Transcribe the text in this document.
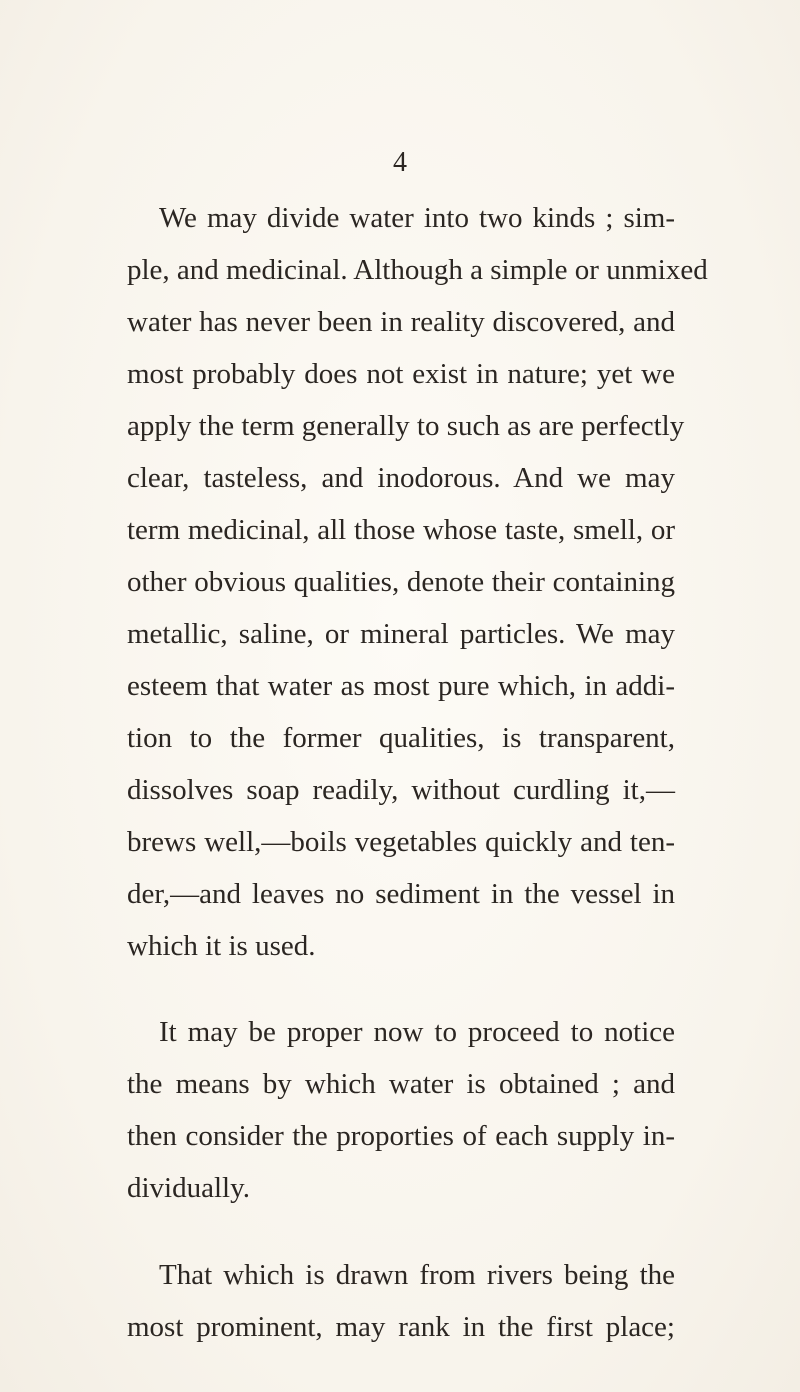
4
We may divide water into two kinds ; sim-
ple, and medicinal. Although a simple or unmixed
water has never been in reality discovered, and
most probably does not exist in nature; yet we
apply the term generally to such as are perfectly
clear, tasteless, and inodorous. And we may
term medicinal, all those whose taste, smell, or
other obvious qualities, denote their containing
metallic, saline, or mineral particles. We may
esteem that water as most pure which, in addi-
tion to the former qualities, is transparent,
dissolves soap readily, without curdling it,—
brews well,—boils vegetables quickly and ten-
der,—and leaves no sediment in the vessel in
which it is used.
It may be proper now to proceed to notice
the means by which water is obtained ; and
then consider the proporties of each supply in-
dividually.
That which is drawn from rivers being the
most prominent, may rank in the first place;
